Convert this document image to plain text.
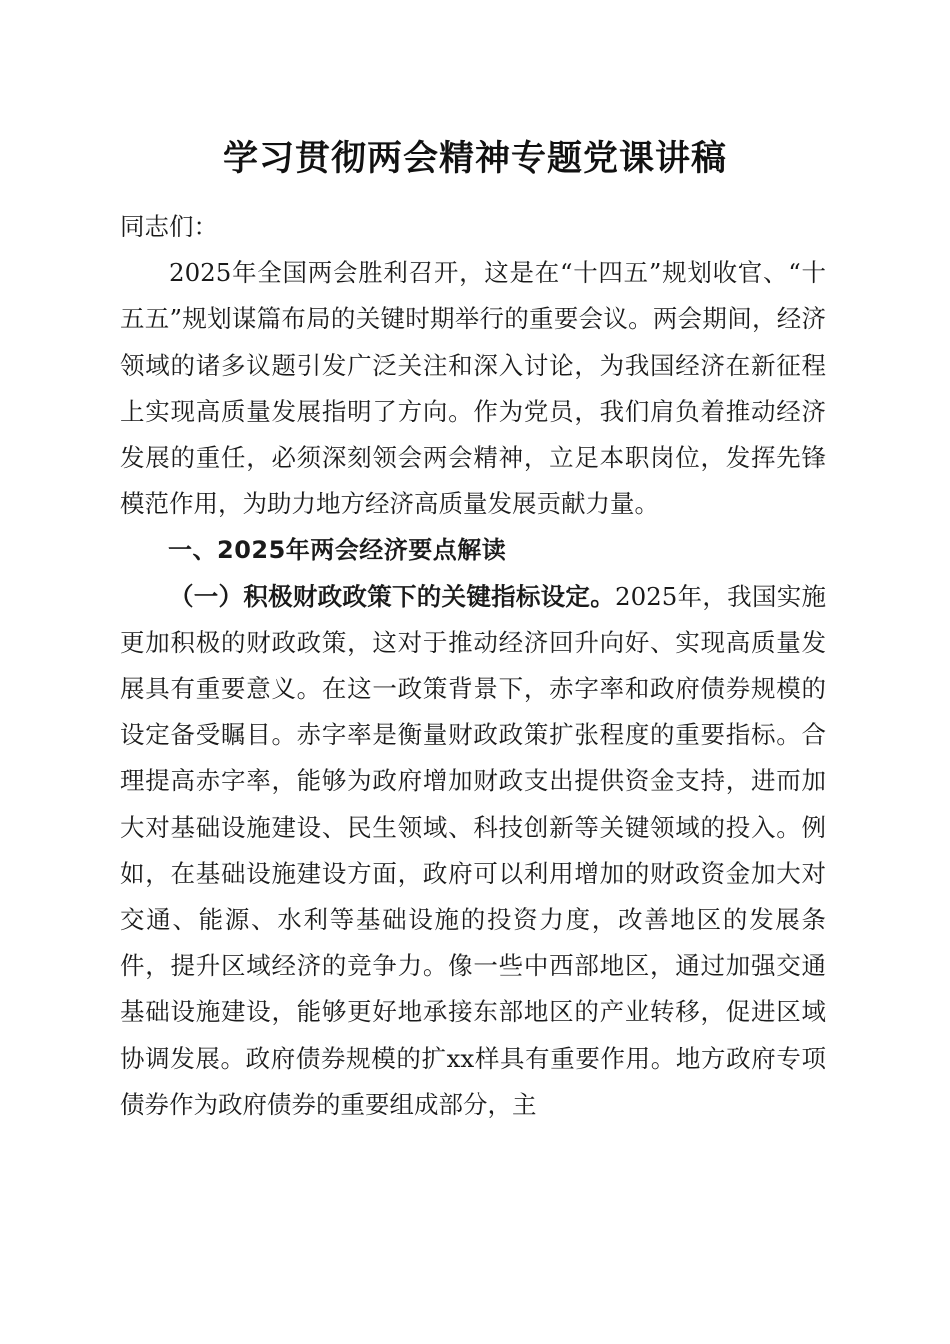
学习贯彻两会精神专题党课讲稿

同志们：

2025年全国两会胜利召开，这是在“十四五”规划收官、“十五五”规划谋篇布局的关键时期举行的重要会议。两会期间，经济领域的诸多议题引发广泛关注和深入讨论，为我国经济在新征程上实现高质量发展指明了方向。作为党员，我们肩负着推动经济发展的重任，必须深刻领会两会精神，立足本职岗位，发挥先锋模范作用，为助力地方经济高质量发展贡献力量。

一、2025年两会经济要点解读

（一）积极财政政策下的关键指标设定。2025年，我国实施更加积极的财政政策，这对于推动经济回升向好、实现高质量发展具有重要意义。在这一政策背景下，赤字率和政府债券规模的设定备受瞩目。赤字率是衡量财政政策扩张程度的重要指标。合理提高赤字率，能够为政府增加财政支出提供资金支持，进而加大对基础设施建设、民生领域、科技创新等关键领域的投入。例如，在基础设施建设方面，政府可以利用增加的财政资金加大对交通、能源、水利等基础设施的投资力度，改善地区的发展条件，提升区域经济的竞争力。像一些中西部地区，通过加强交通基础设施建设，能够更好地承接东部地区的产业转移，促进区域协调发展。政府债券规模的扩xx样具有重要作用。地方政府专项债券作为政府债券的重要组成部分，主
